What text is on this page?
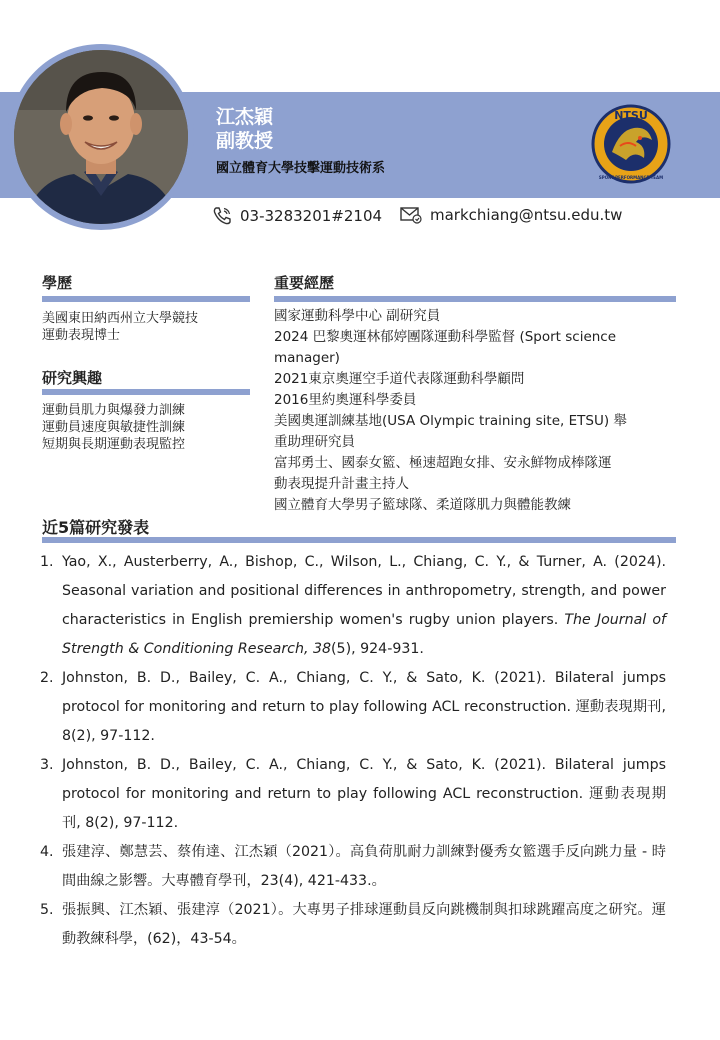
江杰穎
副教授
國立體育大學技擊運動技術系
NTSU
SPORT PERFORMANCE TEAM
03-3283201#2104	markchiang@ntsu.edu.tw
學歷
美國東田納西州立大學競技
運動表現博士
研究興趣
運動員肌力與爆發力訓練
運動員速度與敏捷性訓練
短期與長期運動表現監控
重要經歷
國家運動科學中心 副研究員
2024 巴黎奧運林郁婷團隊運動科學監督 (Sport science
manager)
2021東京奧運空手道代表隊運動科學顧問
2016里約奧運科學委員
美國奧運訓練基地(USA Olympic training site, ETSU) 舉
重助理研究員
富邦勇士、國泰女籃、極速超跑女排、安永鮮物成棒隊運
動表現提升計畫主持人
國立體育大學男子籃球隊、柔道隊肌力與體能教練
近5篇研究發表
1. Yao, X., Austerberry, A., Bishop, C., Wilson, L., Chiang, C. Y., & Turner, A. (2024). Seasonal variation and positional differences in anthropometry, strength, and power characteristics in English premiership women's rugby union players. The Journal of Strength & Conditioning Research, 38(5), 924-931.
2. Johnston, B. D., Bailey, C. A., Chiang, C. Y., & Sato, K. (2021). Bilateral jumps protocol for monitoring and return to play following ACL reconstruction. 運動表現期刊, 8(2), 97-112.
3. Johnston, B. D., Bailey, C. A., Chiang, C. Y., & Sato, K. (2021). Bilateral jumps protocol for monitoring and return to play following ACL reconstruction. 運動表現期 刊, 8(2), 97-112.
4. 張建淳、鄭慧芸、蔡侑達、江杰穎（2021）。高負荷肌耐力訓練對優秀女籃選手反向跳力量 - 時間曲線之影響。大專體育學刊，23(4), 421-433.。
5. 張振興、江杰穎、張建淳（2021）。大專男子排球運動員反向跳機制與扣球跳躍高度之研究。運動教練科學，(62)，43-54。
